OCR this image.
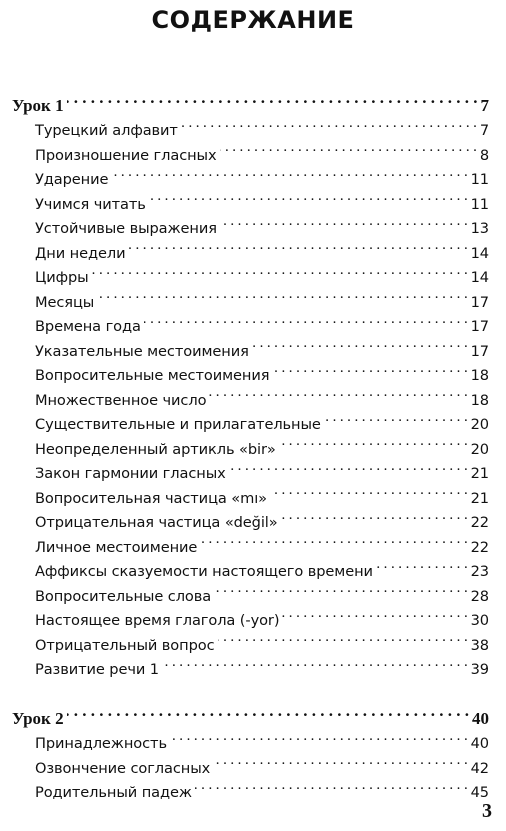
СОДЕРЖАНИЕ
Урок 1 . . .	7
Турецкий алфавит . . .	7
Произношение гласных . . .	8
Ударение . . .	11
Учимся читать . . .	11
Устойчивые выражения . . .	13
Дни недели . . .	14
Цифры . . .	14
Месяцы . . .	17
Времена года . . .	17
Указательные местоимения . . .	17
Вопросительные местоимения . . .	18
Множественное число . . .	18
Существительные и прилагательные . . .	20
Неопределенный артикль «bir» . . .	20
Закон гармонии гласных . . .	21
Вопросительная частица «mı» . . .	21
Отрицательная частица «değil» . . .	22
Личное местоимение . . .	22
Аффиксы сказуемости настоящего времени . . .	23
Вопросительные слова . . .	28
Настоящее время глагола (-yor) . . .	30
Отрицательный вопрос . . .	38
Развитие речи 1 . . .	39
Урок 2 . . .	40
Принадлежность . . .	40
Озвончение согласных . . .	42
Родительный падеж . . .	45
3
